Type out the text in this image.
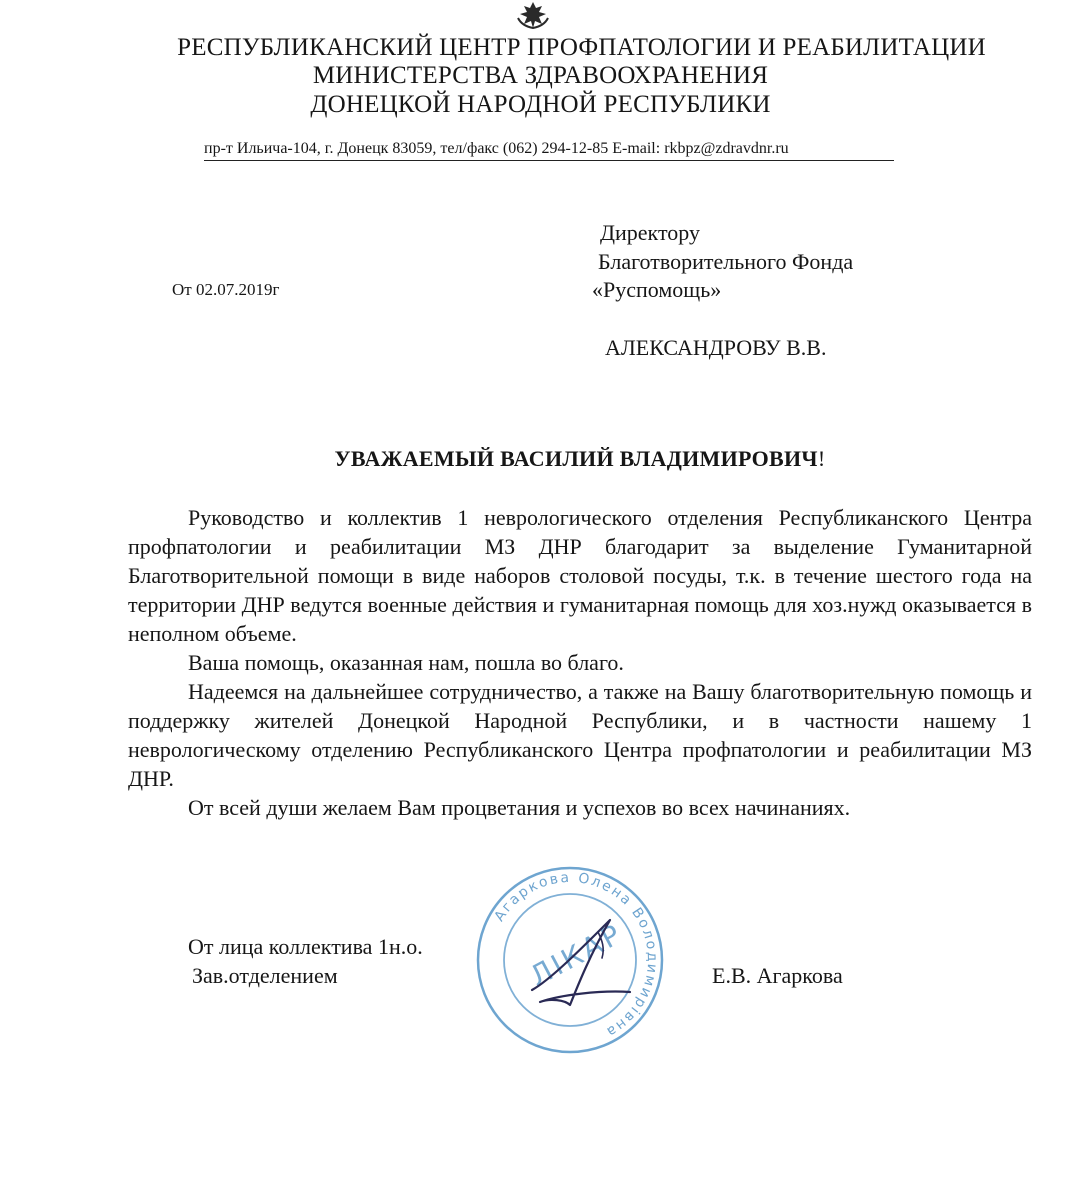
РЕСПУБЛИКАНСКИЙ ЦЕНТР ПРОФПАТОЛОГИИ И РЕАБИЛИТАЦИИ
МИНИСТЕРСТВА ЗДРАВООХРАНЕНИЯ
ДОНЕЦКОЙ НАРОДНОЙ РЕСПУБЛИКИ
пр-т Ильича-104, г. Донецк 83059, тел/факс (062) 294-12-85 E-mail: rkbpz@zdravdnr.ru
Директору
Благотворительного Фонда
«Руспомощь»
АЛЕКСАНДРОВУ В.В.
От 02.07.2019г
УВАЖАЕМЫЙ ВАСИЛИЙ ВЛАДИМИРОВИЧ!

Руководство и коллектив 1 неврологического отделения Республиканского Центра профпатологии и реабилитации МЗ ДНР благодарит за выделение Гуманитарной Благотворительной помощи в виде наборов столовой посуды, т.к. в течение шестого года на территории ДНР ведутся военные действия и гуманитарная помощь для хоз.нужд оказывается в неполном объеме.

Ваша помощь, оказанная нам, пошла во благо.

Надеемся на дальнейшее сотрудничество, а также на Вашу благотворительную помощь и поддержку жителей Донецкой Народной Республики, и в частности нашему 1 неврологическому отделению Республиканского Центра профпатологии и реабилитации МЗ ДНР.

От всей души желаем Вам процветания и успехов во всех начинаниях.

От лица коллектива 1н.о.
Зав.отделением	Е.В. Агаркова
Агаркова Олена Володимирівна
ЛІКАР
